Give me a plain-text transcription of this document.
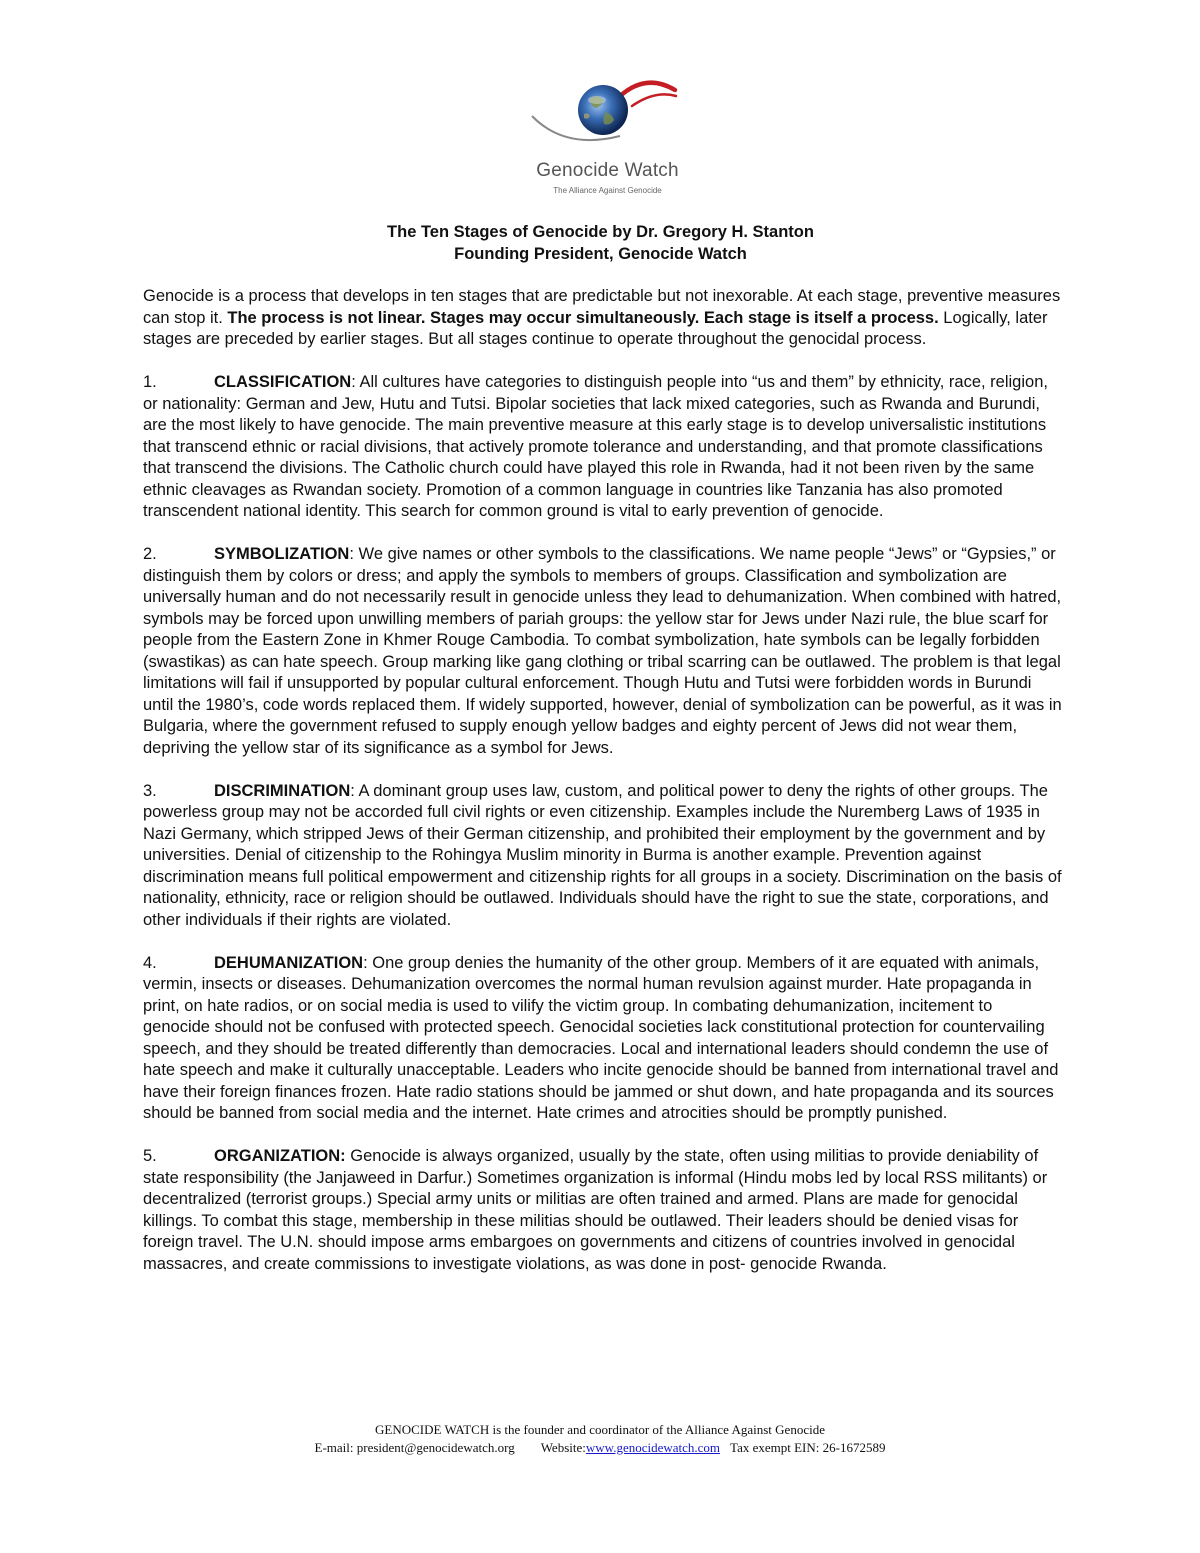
Genocide Watch
The Alliance Against Genocide
The Ten Stages of Genocide by Dr. Gregory H. Stanton
Founding President, Genocide Watch

Genocide is a process that develops in ten stages that are predictable but not inexorable. At each stage, preventive measures can stop it. The process is not linear. Stages may occur simultaneously. Each stage is itself a process. Logically, later stages are preceded by earlier stages. But all stages continue to operate throughout the genocidal process.

1.	CLASSIFICATION: All cultures have categories to distinguish people into “us and them” by ethnicity, race, religion, or nationality: German and Jew, Hutu and Tutsi. Bipolar societies that lack mixed categories, such as Rwanda and Burundi, are the most likely to have genocide. The main preventive measure at this early stage is to develop universalistic institutions that transcend ethnic or racial divisions, that actively promote tolerance and understanding, and that promote classifications that transcend the divisions. The Catholic church could have played this role in Rwanda, had it not been riven by the same ethnic cleavages as Rwandan society. Promotion of a common language in countries like Tanzania has also promoted transcendent national identity. This search for common ground is vital to early prevention of genocide.

2.	SYMBOLIZATION: We give names or other symbols to the classifications. We name people “Jews” or “Gypsies,” or distinguish them by colors or dress; and apply the symbols to members of groups. Classification and symbolization are universally human and do not necessarily result in genocide unless they lead to dehumanization. When combined with hatred, symbols may be forced upon unwilling members of pariah groups: the yellow star for Jews under Nazi rule, the blue scarf for people from the Eastern Zone in Khmer Rouge Cambodia. To combat symbolization, hate symbols can be legally forbidden (swastikas) as can hate speech. Group marking like gang clothing or tribal scarring can be outlawed. The problem is that legal limitations will fail if unsupported by popular cultural enforcement. Though Hutu and Tutsi were forbidden words in Burundi until the 1980’s, code words replaced them. If widely supported, however, denial of symbolization can be powerful, as it was in Bulgaria, where the government refused to supply enough yellow badges and eighty percent of Jews did not wear them, depriving the yellow star of its significance as a symbol for Jews.

3.	DISCRIMINATION: A dominant group uses law, custom, and political power to deny the rights of other groups. The powerless group may not be accorded full civil rights or even citizenship. Examples include the Nuremberg Laws of 1935 in Nazi Germany, which stripped Jews of their German citizenship, and prohibited their employment by the government and by universities. Denial of citizenship to the Rohingya Muslim minority in Burma is another example. Prevention against discrimination means full political empowerment and citizenship rights for all groups in a society. Discrimination on the basis of nationality, ethnicity, race or religion should be outlawed. Individuals should have the right to sue the state, corporations, and other individuals if their rights are violated.

4.	DEHUMANIZATION: One group denies the humanity of the other group. Members of it are equated with animals, vermin, insects or diseases. Dehumanization overcomes the normal human revulsion against murder. Hate propaganda in print, on hate radios, or on social media is used to vilify the victim group. In combating dehumanization, incitement to genocide should not be confused with protected speech. Genocidal societies lack constitutional protection for countervailing speech, and they should be treated differently than democracies. Local and international leaders should condemn the use of hate speech and make it culturally unacceptable. Leaders who incite genocide should be banned from international travel and have their foreign finances frozen. Hate radio stations should be jammed or shut down, and hate propaganda and its sources should be banned from social media and the internet. Hate crimes and atrocities should be promptly punished.

5.	ORGANIZATION: Genocide is always organized, usually by the state, often using militias to provide deniability of state responsibility (the Janjaweed in Darfur.) Sometimes organization is informal (Hindu mobs led by local RSS militants) or decentralized (terrorist groups.) Special army units or militias are often trained and armed. Plans are made for genocidal killings. To combat this stage, membership in these militias should be outlawed. Their leaders should be denied visas for foreign travel. The U.N. should impose arms embargoes on governments and citizens of countries involved in genocidal massacres, and create commissions to investigate violations, as was done in post- genocide Rwanda.

GENOCIDE WATCH is the founder and coordinator of the Alliance Against Genocide
E-mail: president@genocidewatch.org Website:www.genocidewatch.com Tax exempt EIN: 26-1672589
